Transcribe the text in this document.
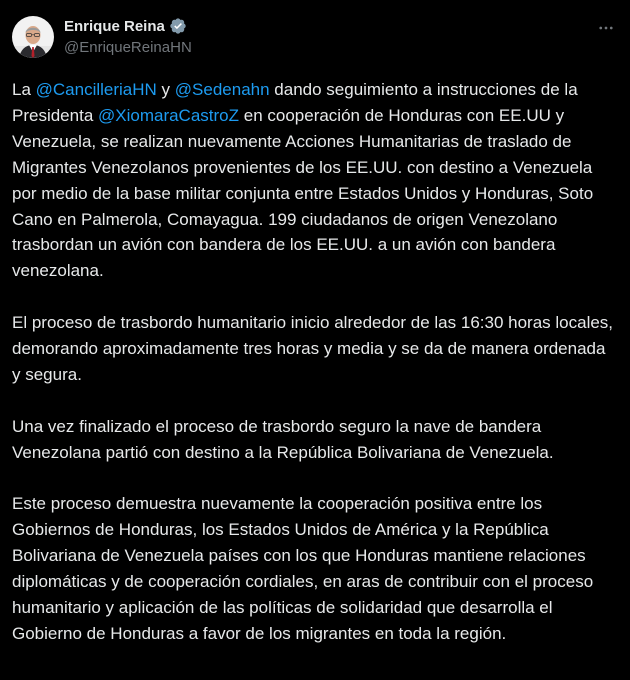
Enrique Reina
@EnriqueReinaHN

La @CancilleriaHN y @Sedenahn dando seguimiento a instrucciones de la Presidenta @XiomaraCastroZ en cooperación de Honduras con EE.UU y Venezuela, se realizan nuevamente Acciones Humanitarias de traslado de Migrantes Venezolanos provenientes de los EE.UU. con destino a Venezuela por medio de la base militar conjunta entre Estados Unidos y Honduras, Soto Cano en Palmerola, Comayagua. 199 ciudadanos de origen Venezolano trasbordan un avión con bandera de los EE.UU. a un avión con bandera venezolana.

El proceso de trasbordo humanitario inicio alrededor de las 16:30 horas locales, demorando aproximadamente tres horas y media y se da de manera ordenada y segura.

Una vez finalizado el proceso de trasbordo seguro la nave de bandera Venezolana partió con destino a la República Bolivariana de Venezuela.

Este proceso demuestra nuevamente la cooperación positiva entre los Gobiernos de Honduras, los Estados Unidos de América y la República Bolivariana de Venezuela países con los que Honduras mantiene relaciones diplomáticas y de cooperación cordiales, en aras de contribuir con el proceso humanitario y aplicación de las políticas de solidaridad que desarrolla el Gobierno de Honduras a favor de los migrantes en toda la región.
